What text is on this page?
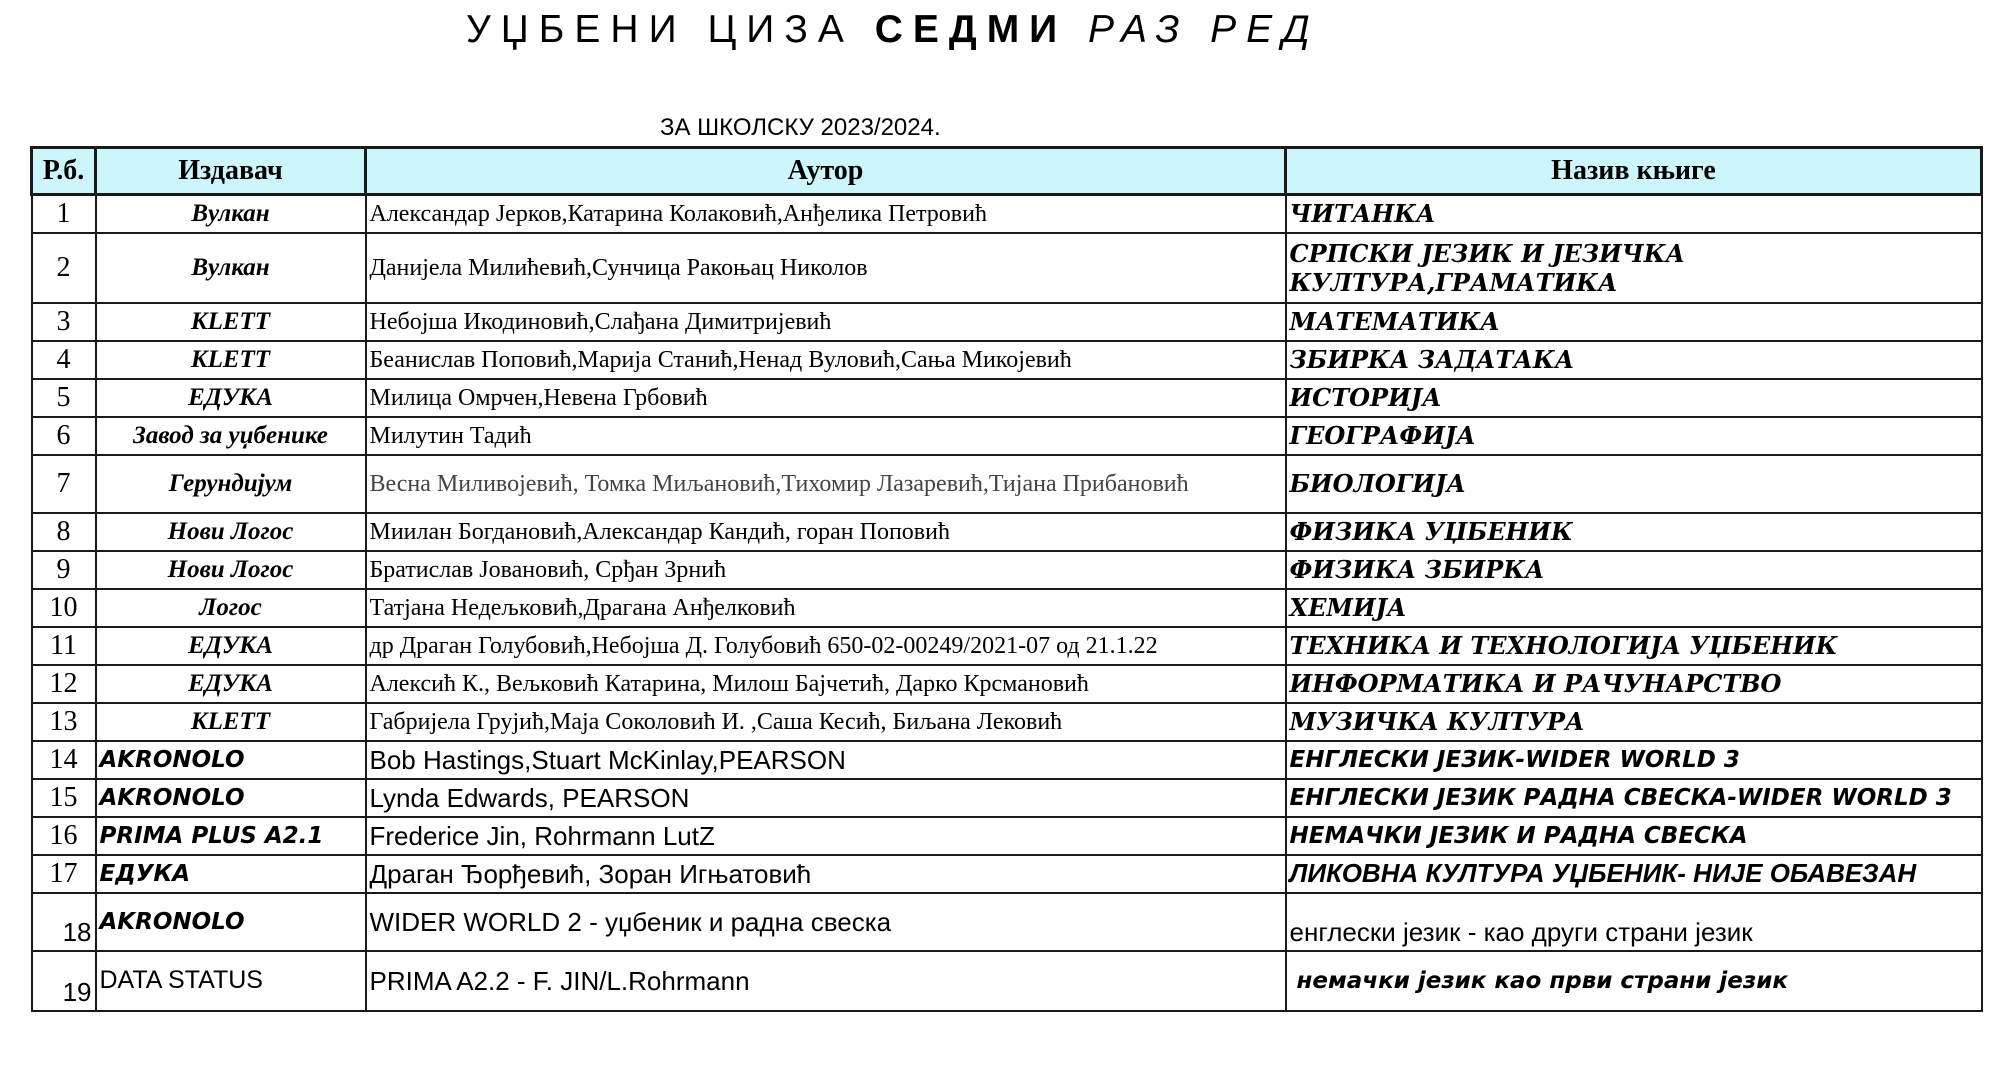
УЏБЕНИ ЦИЗА СЕДМИ РАЗ РЕД
ЗА ШКОЛСКУ 2023/2024.
Р.б.	Издавач	Аутор	Назив књиге
1	Вулкан	Александар Јерков,Катарина Колаковић,Анђелика Петровић	ЧИТАНКА
2	Вулкан	Данијела Милићевић,Сунчица Ракоњац Николов	СРПСКИ ЈЕЗИК И ЈЕЗИЧКА КУЛТУРА,ГРАМАТИКА
3	KLETT	Небојша Икодиновић,Слађана Димитријевић	МАТЕМАТИКА
4	KLETT	Беанислав Поповић,Марија Станић,Ненад Вуловић,Сања Микојевић	ЗБИРКА ЗАДАТАКА
5	ЕДУКА	Милица Омрчен,Невена Грбовић	ИСТОРИЈА
6	Завод за уџбенике	Милутин Тадић	ГЕОГРАФИЈА
7	Герундијум	Весна Миливојевић, Томка Миљановић,Тихомир Лазаревић,Тијана Прибановић	БИОЛОГИЈА
8	Нови Логос	Миилан Богдановић,Александар Кандић, горан Поповић	ФИЗИКА УЏБЕНИК
9	Нови Логос	Братислав Јовановић, Срђан Зрнић	ФИЗИКА ЗБИРКА
10	Логос	Татјана Недељковић,Драгана Анђелковић	ХЕМИЈА
11	ЕДУКА	др Драган Голубовић,Небојша Д. Голубовић 650-02-00249/2021-07 од 21.1.22	ТЕХНИКА И ТЕХНОЛОГИЈА УЏБЕНИК
12	ЕДУКА	Алексић К., Вељковић Катарина, Милош Бајчетић, Дарко Крсмановић	ИНФОРМАТИКА И РАЧУНАРСТВО
13	KLETT	Габријела Грујић,Маја Соколовић И. ,Саша Кесић, Биљана Лековић	МУЗИЧКА КУЛТУРА
14	AKRONOLO	Bob Hastings,Stuart McKinlay,PEARSON	ЕНГЛЕСКИ ЈЕЗИК-WIDER WORLD 3
15	AKRONOLO	Lynda Edwards, PEARSON	ЕНГЛЕСКИ ЈЕЗИК РАДНА СВЕСКА-WIDER WORLD 3
16	PRIMA PLUS A2.1	Frederice Jin, Rohrmann LutZ	НЕМАЧКИ ЈЕЗИК И РАДНА СВЕСКА
17	ЕДУКА	Драган Ђорђевић, Зоран Игњатовић	ЛИКОВНА КУЛТУРА УЏБЕНИК- НИЈЕ ОБАВЕЗАН
18	AKRONOLO	WIDER WORLD 2 - уџбеник и радна свеска	енглески језик - као други страни језик
19	DATA STATUS	PRIMA A2.2 - F. JIN/L.Rohrmann	немачки језик као први страни језик
